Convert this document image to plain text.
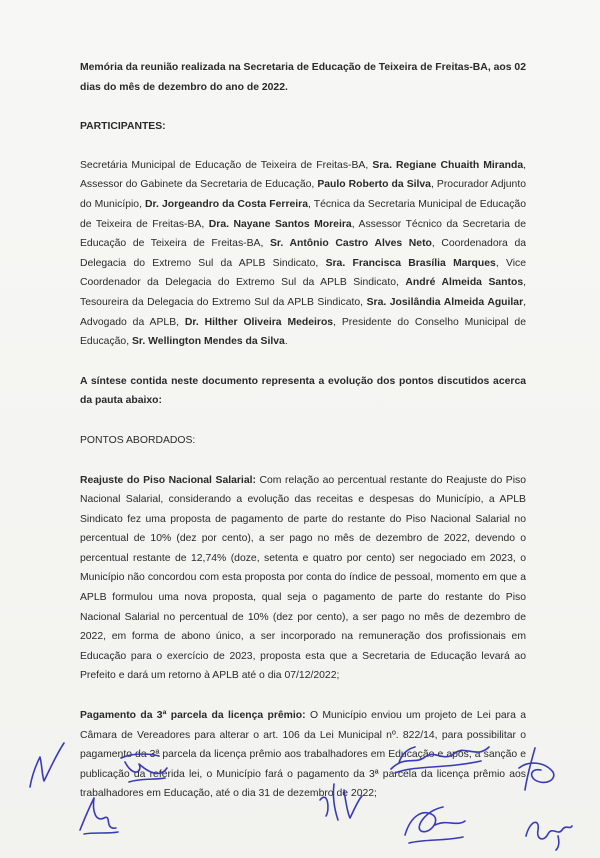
Memória da reunião realizada na Secretaria de Educação de Teixeira de Freitas-BA, aos 02 dias do mês de dezembro do ano de 2022.

PARTICIPANTES:

Secretária Municipal de Educação de Teixeira de Freitas-BA, Sra. Regiane Chuaith Miranda, Assessor do Gabinete da Secretaria de Educação, Paulo Roberto da Silva, Procurador Adjunto do Município, Dr. Jorgeandro da Costa Ferreira, Técnica da Secretaria Municipal de Educação de Teixeira de Freitas-BA, Dra. Nayane Santos Moreira, Assessor Técnico da Secretaria de Educação de Teixeira de Freitas-BA, Sr. Antônio Castro Alves Neto, Coordenadora da Delegacia do Extremo Sul da APLB Sindicato, Sra. Francisca Brasília Marques, Vice Coordenador da Delegacia do Extremo Sul da APLB Sindicato, André Almeida Santos, Tesoureira da Delegacia do Extremo Sul da APLB Sindicato, Sra. Josilândia Almeida Aguilar, Advogado da APLB, Dr. Hilther Oliveira Medeiros, Presidente do Conselho Municipal de Educação, Sr. Wellington Mendes da Silva.

A síntese contida neste documento representa a evolução dos pontos discutidos acerca da pauta abaixo:

PONTOS ABORDADOS:

Reajuste do Piso Nacional Salarial: Com relação ao percentual restante do Reajuste do Piso Nacional Salarial, considerando a evolução das receitas e despesas do Município, a APLB Sindicato fez uma proposta de pagamento de parte do restante do Piso Nacional Salarial no percentual de 10% (dez por cento), a ser pago no mês de dezembro de 2022, devendo o percentual restante de 12,74% (doze, setenta e quatro por cento) ser negociado em 2023, o Município não concordou com esta proposta por conta do índice de pessoal, momento em que a APLB formulou uma nova proposta, qual seja o pagamento de parte do restante do Piso Nacional Salarial no percentual de 10% (dez por cento), a ser pago no mês de dezembro de 2022, em forma de abono único, a ser incorporado na remuneração dos profissionais em Educação para o exercício de 2023, proposta esta que a Secretaria de Educação levará ao Prefeito e dará um retorno à APLB até o dia 07/12/2022;

Pagamento da 3ª parcela da licença prêmio: O Município enviou um projeto de Lei para a Câmara de Vereadores para alterar o art. 106 da Lei Municipal nº. 822/14, para possibilitar o pagamento da 3ª parcela da licença prêmio aos trabalhadores em Educação e após, a sanção e publicação da referida lei, o Município fará o pagamento da 3ª parcela da licença prêmio aos trabalhadores em Educação, até o dia 31 de dezembro de 2022;
